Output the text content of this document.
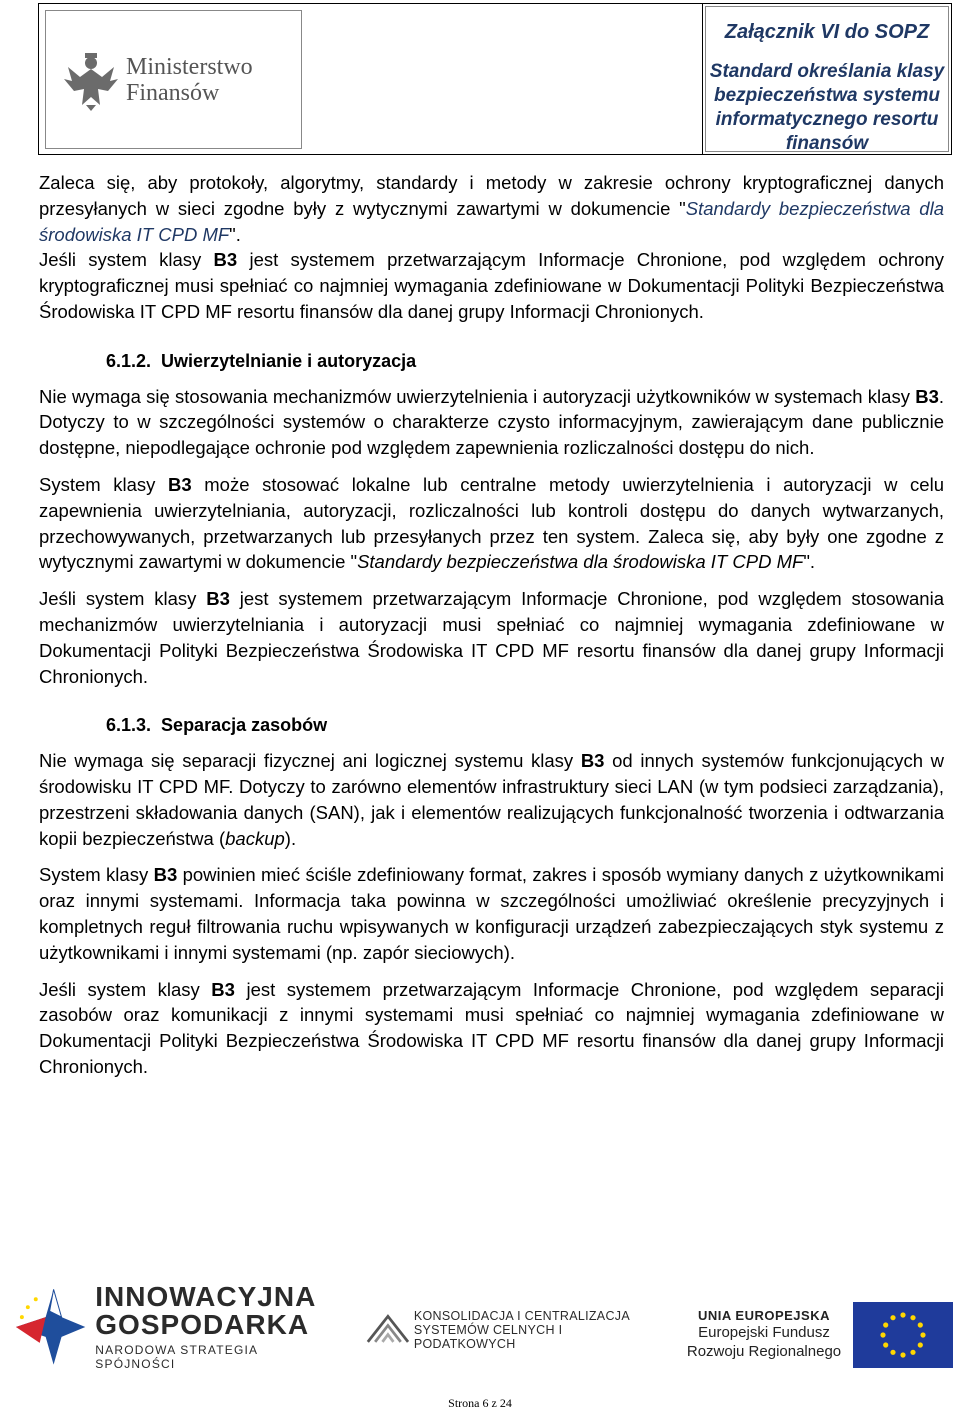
Ministerstwo
Finansów
Załącznik VI do SOPZ
Standard określania klasy
bezpieczeństwa systemu
informatycznego resortu finansów

Zaleca się, aby protokoły, algorytmy, standardy i metody w zakresie ochrony kryptograficznej danych przesyłanych w sieci zgodne były z wytycznymi zawartymi w dokumencie "Standardy bezpieczeństwa dla środowiska IT CPD MF".

Jeśli system klasy B3 jest systemem przetwarzającym Informacje Chronione, pod względem ochrony kryptograficznej musi spełniać co najmniej wymagania zdefiniowane w Dokumentacji Polityki Bezpieczeństwa Środowiska IT CPD MF resortu finansów dla danej grupy Informacji Chronionych.

6.1.2. Uwierzytelnianie i autoryzacja

Nie wymaga się stosowania mechanizmów uwierzytelnienia i autoryzacji użytkowników w systemach klasy B3. Dotyczy to w szczególności systemów o charakterze czysto informacyjnym, zawierającym dane publicznie dostępne, niepodlegające ochronie pod względem zapewnienia rozliczalności dostępu do nich.

System klasy B3 może stosować lokalne lub centralne metody uwierzytelnienia i autoryzacji w celu zapewnienia uwierzytelniania, autoryzacji, rozliczalności lub kontroli dostępu do danych wytwarzanych, przechowywanych, przetwarzanych lub przesyłanych przez ten system. Zaleca się, aby były one zgodne z wytycznymi zawartymi w dokumencie "Standardy bezpieczeństwa dla środowiska IT CPD MF".

Jeśli system klasy B3 jest systemem przetwarzającym Informacje Chronione, pod względem stosowania mechanizmów uwierzytelniania i autoryzacji musi spełniać co najmniej wymagania zdefiniowane w Dokumentacji Polityki Bezpieczeństwa Środowiska IT CPD MF resortu finansów dla danej grupy Informacji Chronionych.

6.1.3. Separacja zasobów

Nie wymaga się separacji fizycznej ani logicznej systemu klasy B3 od innych systemów funkcjonujących w środowisku IT CPD MF. Dotyczy to zarówno elementów infrastruktury sieci LAN (w tym podsieci zarządzania), przestrzeni składowania danych (SAN), jak i elementów realizujących funkcjonalność tworzenia i odtwarzania kopii bezpieczeństwa (backup).

System klasy B3 powinien mieć ściśle zdefiniowany format, zakres i sposób wymiany danych z użytkownikami oraz innymi systemami. Informacja taka powinna w szczególności umożliwiać określenie precyzyjnych i kompletnych reguł filtrowania ruchu wpisywanych w konfiguracji urządzeń zabezpieczających styk systemu z użytkownikami i innymi systemami (np. zapór sieciowych).

Jeśli system klasy B3 jest systemem przetwarzającym Informacje Chronione, pod względem separacji zasobów oraz komunikacji z innymi systemami musi spełniać co najmniej wymagania zdefiniowane w Dokumentacji Polityki Bezpieczeństwa Środowiska IT CPD MF resortu finansów dla danej grupy Informacji Chronionych.

INNOWACYJNA
GOSPODARKA
NARODOWA STRATEGIA SPÓJNOŚCI
KONSOLIDACJA I CENTRALIZACJA
SYSTEMÓW CELNYCH I PODATKOWYCH
UNIA EUROPEJSKA
Europejski Fundusz
Rozwoju Regionalnego
Strona 6 z 24
